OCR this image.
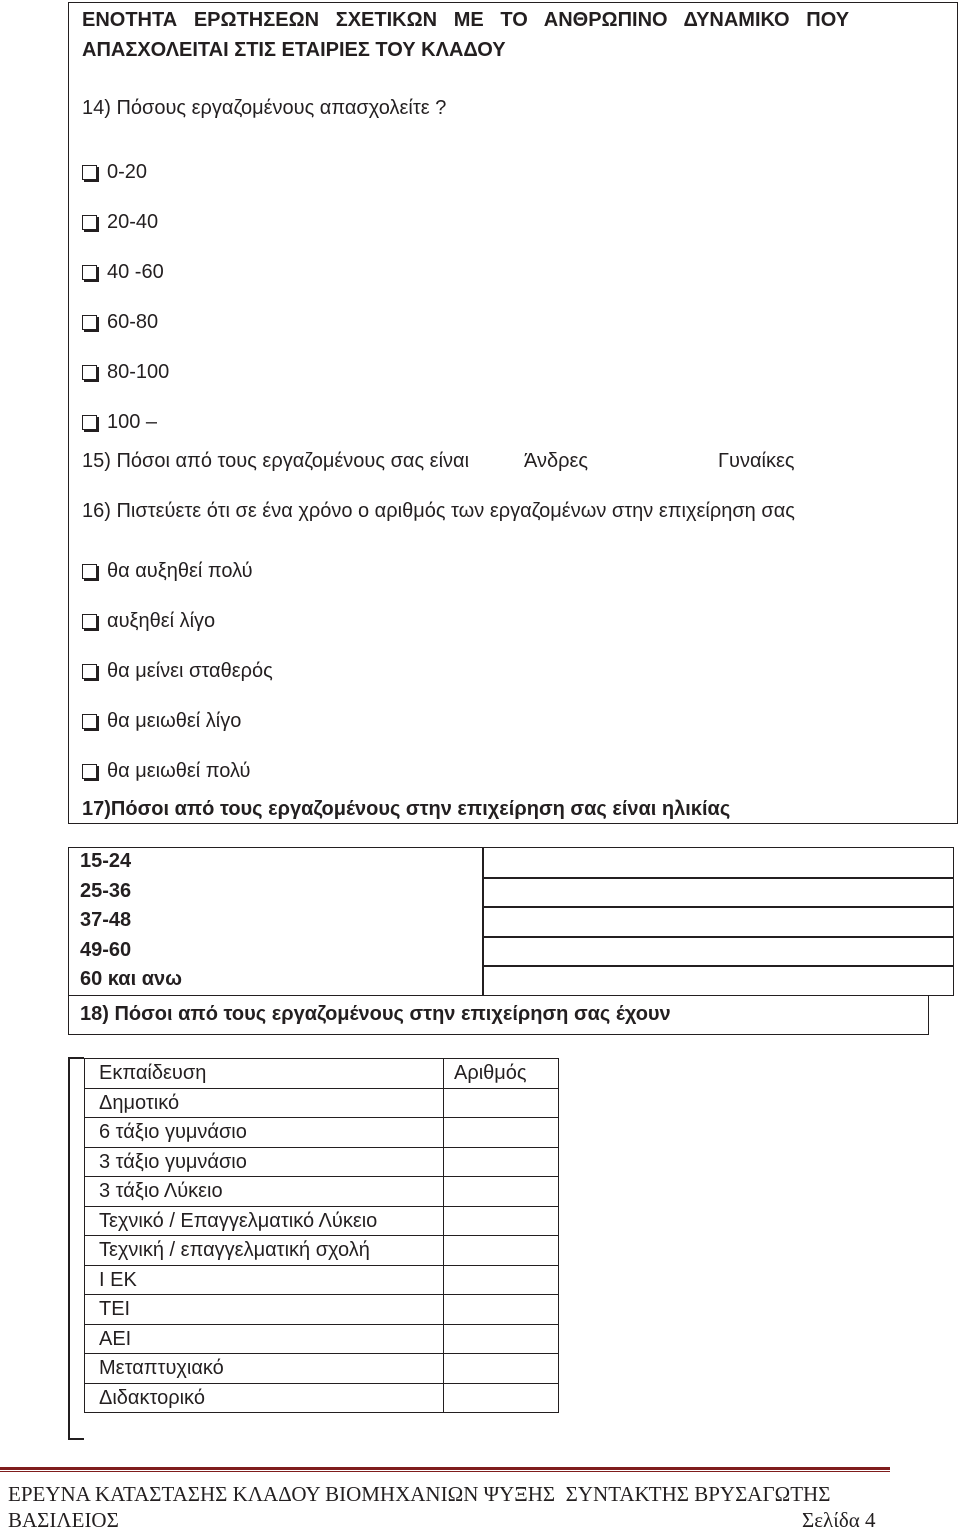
ΕΝΟΤΗΤΑ   ΕΡΩΤΗΣΕΩΝ   ΣΧΕΤΙΚΩΝ   ΜΕ   ΤΟ   ΑΝΘΡΩΠΙΝΟ   ΔΥΝΑΜΙΚΟ   ΠΟΥ
ΑΠΑΣΧΟΛΕΙΤΑΙ ΣΤΙΣ ΕΤΑΙΡΙΕΣ ΤΟΥ ΚΛΑΔΟΥ
14) Πόσους εργαζομένους απασχολείτε ?
0-20
20-40
40 -60
60-80
80-100
100 –
15) Πόσοι από τους εργαζομένους σας είναι	Άνδρες	Γυναίκες
16) Πιστεύετε ότι σε ένα χρόνο ο αριθμός των εργαζομένων στην επιχείρηση σας
θα αυξηθεί πολύ
αυξηθεί λίγο
θα μείνει σταθερός
θα μειωθεί λίγο
θα μειωθεί πολύ
17)Πόσοι από τους εργαζομένους στην επιχείρηση σας είναι ηλικίας
15-24
25-36
37-48
49-60
60 και ανω
18) Πόσοι από τους εργαζομένους στην επιχείρηση σας έχουν
Εκπαίδευση	Αριθμός
Δημοτικό	
6 τάξιο γυμνάσιο	
3 τάξιο γυμνάσιο	
3 τάξιο Λύκειο	
Τεχνικό / Επαγγελματικό Λύκειο	
Τεχνική / επαγγελματική σχολή	
Ι ΕΚ	
ΤΕΙ	
ΑΕΙ	
Μεταπτυχιακό	
Διδακτορικό	
ΕΡΕΥΝΑ ΚΑΤΑΣΤΑΣΗΣ ΚΛΑΔΟΥ ΒΙΟΜΗΧΑΝΙΩΝ ΨΥΞΗΣ  ΣΥΝΤΑΚΤΗΣ ΒΡΥΣΑΓΩΤΗΣ
ΒΑΣΙΛΕΙΟΣ	Σελίδα 4
